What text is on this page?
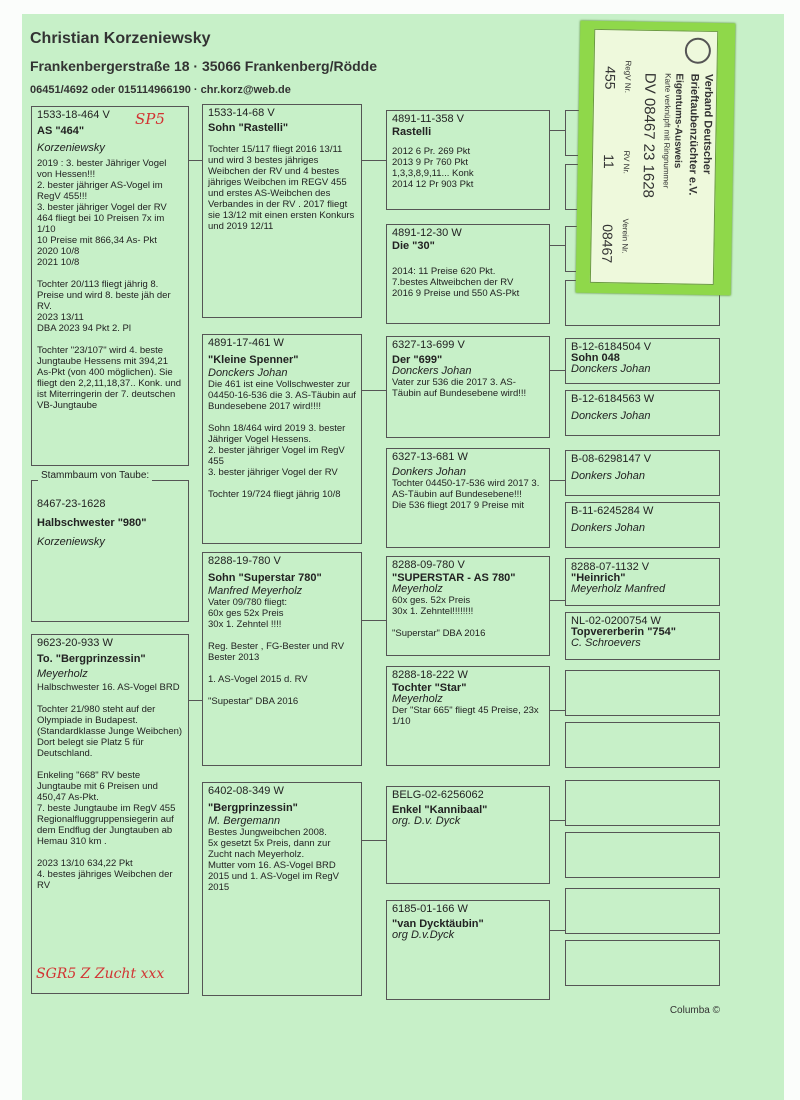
Christian Korzeniewsky
Frankenbergerstraße 18 · 35066 Frankenberg/Rödde
06451/4692 oder 015114966190 · chr.korz@web.de
1533-18-464 V
AS "464"
Korzeniewsky
2019 : 3. bester Jähriger Vogel von Hessen!!!
2. bester jähriger AS-Vogel im RegV 455!!!
3. bester jähriger Vogel der RV 464 fliegt bei 10 Preisen 7x im 1/10
10 Preise mit 866,34 As- Pkt
2020 10/8
2021 10/8

Tochter 20/113 fliegt jährig 8. Preise und wird 8. beste jäh der RV.
2023 13/11
DBA 2023 94 Pkt 2. Pl

Tochter "23/107" wird 4. beste Jungtaube Hessens mit 394,21 As-Pkt (von 400 möglichen). Sie fliegt den 2,2,11,18,37.. Konk. und ist Miterringerin der 7. deutschen VB-Jungtaube
SP5
8467-23-1628
Halbschwester "980"
Korzeniewsky
Stammbaum von Taube:
9623-20-933 W
To. "Bergprinzessin"
Meyerholz
Halbschwester 16. AS-Vogel BRD

Tochter 21/980 steht auf der Olympiade in Budapest. (Standardklasse Junge Weibchen)
Dort belegt sie Platz 5 für Deutschland.

Enkeling "668" RV beste Jungtaube mit 6 Preisen und 450,47 As-Pkt.
7. beste Jungtaube im RegV 455
Regionalfluggruppensiegerin auf dem Endflug der Jungtauben ab Hemau 310 km .

2023 13/10 634,22 Pkt
4. bestes jähriges Weibchen der RV
SGR5 Z Zucht xxx
1533-14-68 V
Sohn "Rastelli"
Tochter 15/117 fliegt 2016 13/11 und wird 3 bestes jähriges Weibchen der RV und 4 bestes jähriges Weibchen im REGV 455 und erstes AS-Weibchen des Verbandes in der RV . 2017 fliegt sie 13/12 mit einen ersten Konkurs und 2019 12/11
4891-17-461 W
"Kleine Spenner"
Donckers Johan
Die 461 ist eine Vollschwester zur 04450-16-536 die 3. AS-Täubin auf Bundesebene 2017 wird!!!!

Sohn 18/464 wird 2019 3. bester Jähriger Vogel Hessens.
2. bester jähriger Vogel im RegV 455
3. bester jähriger Vogel der RV

Tochter 19/724 fliegt jährig 10/8
8288-19-780 V
Sohn "Superstar 780"
Manfred Meyerholz
Vater 09/780 fliegt:
60x ges 52x Preis
30x 1. Zehntel !!!!

Reg. Bester , FG-Bester und RV Bester 2013

1. AS-Vogel 2015 d. RV

"Supestar" DBA 2016
6402-08-349 W
"Bergprinzessin"
M. Bergemann
Bestes Jungweibchen 2008.
5x gesetzt 5x Preis, dann zur Zucht nach Meyerholz.
Mutter vom 16. AS-Vogel BRD 2015 und 1. AS-Vogel im RegV 2015
4891-11-358 V
Rastelli
2012 6 Pr. 269 Pkt
2013 9 Pr 760 Pkt
1,3,3,8,9,11... Konk
2014 12 Pr 903 Pkt
4891-12-30 W
Die "30"
2014: 11 Preise 620 Pkt.
7.bestes Altweibchen der RV
2016 9 Preise und 550 AS-Pkt
6327-13-699 V
Der "699"
Donckers Johan
Vater zur 536 die 2017 3. AS-Täubin auf Bundesebene wird!!!
6327-13-681 W
Donkers Johan
Tochter 04450-17-536 wird 2017 3. AS-Täubin auf Bundesebene!!!
Die 536 fliegt 2017 9 Preise mit
8288-09-780 V
"SUPERSTAR - AS 780"
Meyerholz
60x ges. 52x Preis
30x 1. Zehntel!!!!!!!!

"Superstar" DBA 2016
8288-18-222 W
Tochter "Star"
Meyerholz
Der "Star 665" fliegt 45 Preise, 23x 1/10
BELG-02-6256062
Enkel "Kannibaal"
org. D.v. Dyck
6185-01-166 W
"van Dycktäubin"
org D.v.Dyck
B-12-6184504 V
Sohn 048
Donckers Johan
B-12-6184563 W
Donckers Johan
B-08-6298147 V
Donkers Johan
B-11-6245284 W
Donkers Johan
8288-07-1132 V
"Heinrich"
Meyerholz Manfred
NL-02-0200754 W
Topvererberin "754"
C. Schroevers
Verband Deutscher
Brieftaubenzüchter e.V.
Eigentums-Ausweis
Karte verknüpft mit Ringnummer
DV 08467 23 1628
RegV Nr.
RV Nr.
Verein Nr.
455
11
08467
Columba ©
